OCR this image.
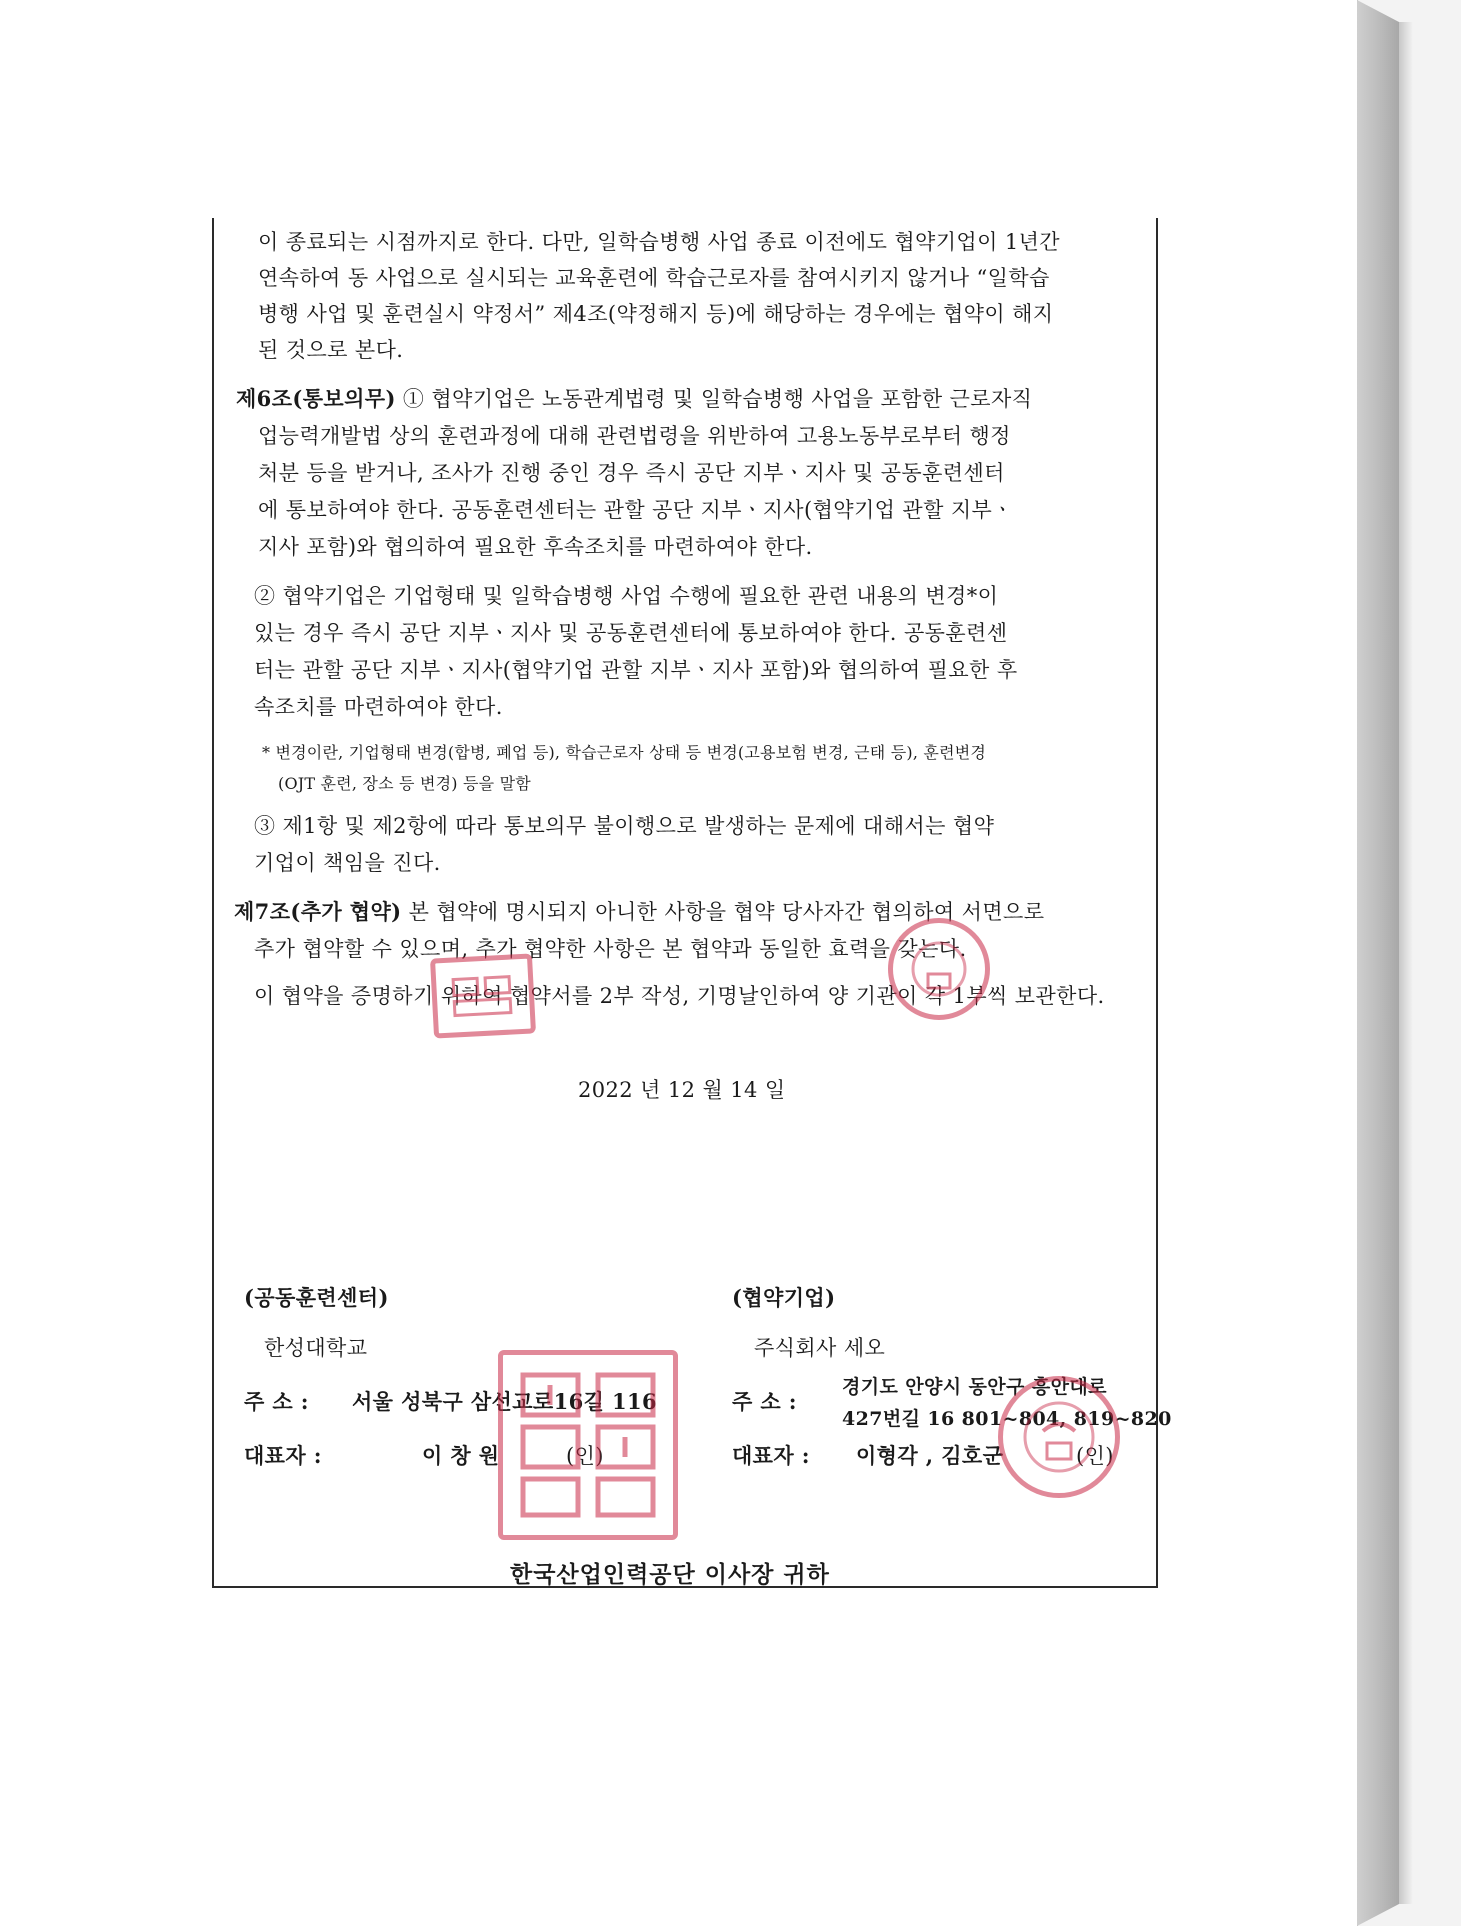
이 종료되는 시점까지로 한다. 다만, 일학습병행 사업 종료 이전에도 협약기업이 1년간
연속하여 동 사업으로 실시되는 교육훈련에 학습근로자를 참여시키지 않거나 “일학습
병행 사업 및 훈련실시 약정서” 제4조(약정해지 등)에 해당하는 경우에는 협약이 해지
된 것으로 본다.
제6조(통보의무) ① 협약기업은 노동관계법령 및 일학습병행 사업을 포함한 근로자직
업능력개발법 상의 훈련과정에 대해 관련법령을 위반하여 고용노동부로부터 행정
처분 등을 받거나, 조사가 진행 중인 경우 즉시 공단 지부ㆍ지사 및 공동훈련센터
에 통보하여야 한다. 공동훈련센터는 관할 공단 지부ㆍ지사(협약기업 관할 지부ㆍ
지사 포함)와 협의하여 필요한 후속조치를 마련하여야 한다.
② 협약기업은 기업형태 및 일학습병행 사업 수행에 필요한 관련 내용의 변경*이
있는 경우 즉시 공단 지부ㆍ지사 및 공동훈련센터에 통보하여야 한다. 공동훈련센
터는 관할 공단 지부ㆍ지사(협약기업 관할 지부ㆍ지사 포함)와 협의하여 필요한 후
속조치를 마련하여야 한다.
* 변경이란, 기업형태 변경(합병, 폐업 등), 학습근로자 상태 등 변경(고용보험 변경, 근태 등), 훈련변경
(OJT 훈련, 장소 등 변경) 등을 말함
③ 제1항 및 제2항에 따라 통보의무 불이행으로 발생하는 문제에 대해서는 협약
기업이 책임을 진다.
제7조(추가 협약) 본 협약에 명시되지 아니한 사항을 협약 당사자간 협의하여 서면으로
추가 협약할 수 있으며, 추가 협약한 사항은 본 협약과 동일한 효력을 갖는다.
이 협약을 증명하기 위하여 협약서를 2부 작성, 기명날인하여 양 기관이 각 1부씩 보관한다.
2022 년 12 월 14 일
(공동훈련센터)
한성대학교
주 소 : 서울 성북구 삼선교로16길 116
대표자 :	이 창 원	(인)
(협약기업)
주식회사 세오
주 소 :
경기도 안양시 동안구 흥안대로
427번길 16 801~804, 819~820
대표자 : 이형각 , 김호군	(인)
한국산업인력공단 이사장 귀하
